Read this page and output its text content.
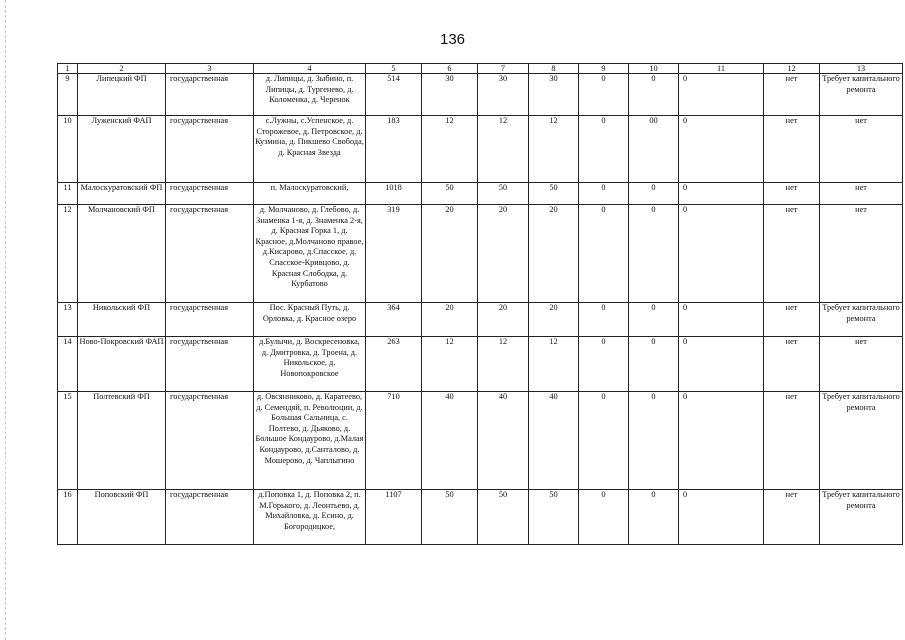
136
1	2	3	4	5	6	7	8	9	10	11	12	13
9	Липецкий ФП	государственная	д. Липицы, д. Зыбино, п. Липицы, д. Тургенево, д. Коломенка, д. Черенок	514	30	30	30	0	0	0	нет	Требует капитального ремонта
10	Луженский ФАП	государственная	с.Лужны, с.Успенское, д. Сторожевое, д. Петровское, д. Кузмина, д. Пикшево Свобода, д. Красная Звезда	183	12	12	12	0	00	0	нет	нет
11	Малоскуратовский ФП	государственная	п. Малоскуратовский,	1018	50	50	50	0	0	0	нет	нет
12	Молчановский ФП	государственная	д. Молчаново, д. Глебово, д. Знаменка 1-я, д. Знаменка 2-я, д. Красная Горка 1, д. Красное, д.Молчаново правое, д.Кисарово, д.Спасское, д. Спасское-Кривцово, д. Красная Слободка, д. Курбатово	319	20	20	20	0	0	0	нет	нет
13	Никольский ФП	государственная	Пос. Красный Путь, д. Орловка, д. Красное озеро	364	20	20	20	0	0	0	нет	Требует капитального ремонта
14	Ново-Покровский ФАП	государственная	д.Булычи, д. Воскресеновка, д. Дмитровка, д. Троена, д. Никольское, д. Новопокровское	263	12	12	12	0	0	0	нет	нет
15	Полтевский ФП	государственная	д. Овсянниково, д. Каратеево, д. Семендяй, п. Революции, д. Большая Сальница, с. Полтево, д. Дьяково, д. Большое Кондаурово, д.Малая Кондаурово, д.Санталово, д. Мошерово, д. Чаплыгино	710	40	40	40	0	0	0	нет	Требует капитального ремонта
16	Поповский ФП	государственная	д.Поповка 1, д. Поповка 2, п. М.Горького, д. Леонтьево, д. Михайловка, д. Есино, д. Богородицкое,	1107	50	50	50	0	0	0	нет	Требует капитального ремонта
